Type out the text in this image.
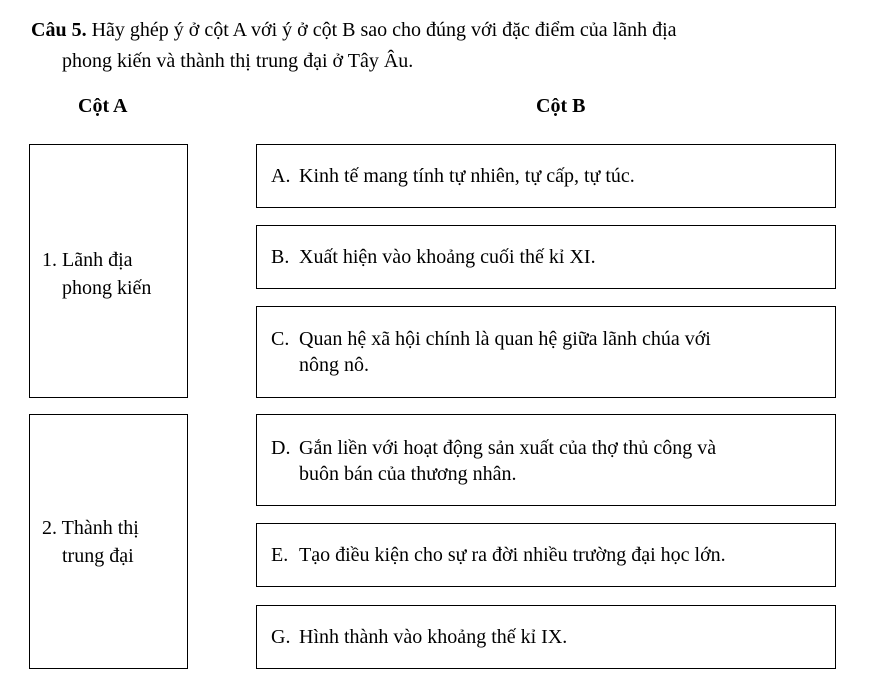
Câu 5. Hãy ghép ý ở cột A với ý ở cột B sao cho đúng với đặc điểm của lãnh địa
phong kiến và thành thị trung đại ở Tây Âu.
Cột A	Cột B
1. Lãnh địa
phong kiến
2. Thành thị
trung đại
A. Kinh tế mang tính tự nhiên, tự cấp, tự túc.
B. Xuất hiện vào khoảng cuối thế kỉ XI.
C. Quan hệ xã hội chính là quan hệ giữa lãnh chúa với
nông nô.
D. Gắn liền với hoạt động sản xuất của thợ thủ công và
buôn bán của thương nhân.
E. Tạo điều kiện cho sự ra đời nhiều trường đại học lớn.
G. Hình thành vào khoảng thế kỉ IX.
